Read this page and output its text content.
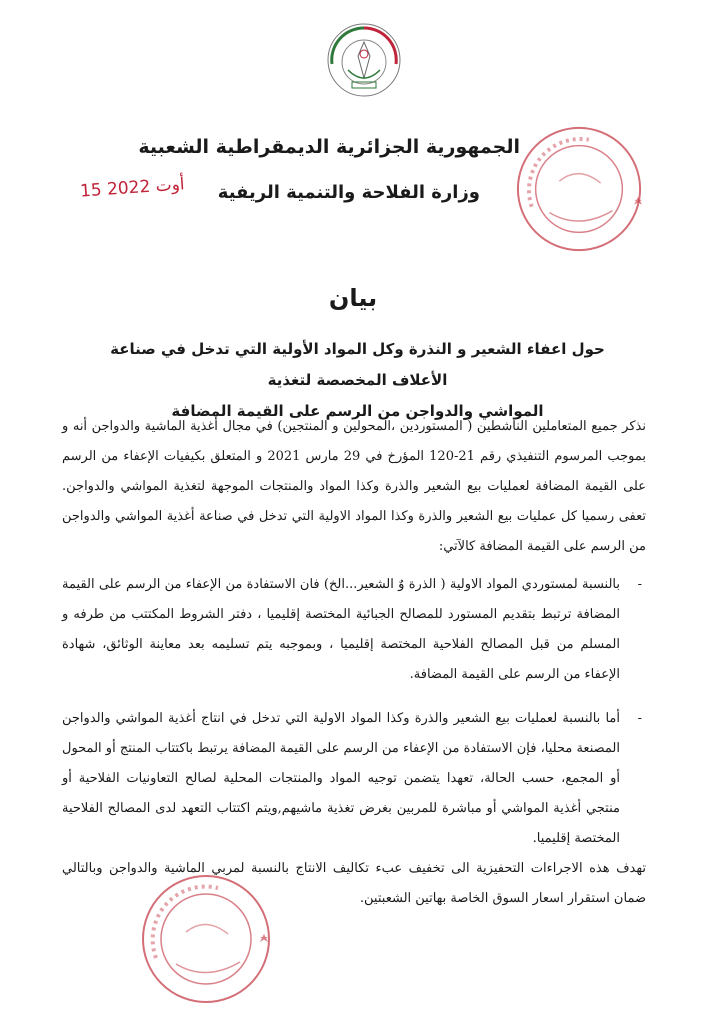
الجمهورية الجزائرية الديمقراطية الشعبية
وزارة الفلاحة والتنمية الريفية
15 أوت 2022
بيان
حول اعفاء الشعير و النذرة وكل المواد الأولية التي تدخل في صناعة الأعلاف المخصصة لتغذية
المواشي والدواجن من الرسم على القيمة المضافة
نذكر جميع المتعاملين الناشطين ( المستوردين ،المحولين و المنتجين) في مجال أغذية الماشية والدواجن أنه و بموجب المرسوم التنفيذي رقم 21-120 المؤرخ في 29 مارس 2021 و المتعلق بكيفيات الإعفاء من الرسم على القيمة المضافة لعمليات بيع الشعير والذرة وكذا المواد والمنتجات الموجهة لتغذية المواشي والدواجن. تعفى رسميا كل عمليات بيع الشعير والذرة وكذا المواد الاولية التي تدخل في صناعة أغذية المواشي والدواجن من الرسم على القيمة المضافة كالآتي:
-
بالنسبة لمستوردي المواد الاولية ( الذرة وٌ الشعير...الخ) فان الاستفادة من الإعفاء من الرسم على القيمة المضافة ترتبط بتقديم المستورد للمصالح الجبائية المختصة إقليميا ، دفتر الشروط المكتتب من طرفه و المسلم من قبل المصالح الفلاحية المختصة إقليميا ، وبموجبه يتم تسليمه بعد معاينة الوثائق، شهادة الإعفاء من الرسم على القيمة المضافة.
-
أما بالنسبة لعمليات بيع الشعير والذرة وكذا المواد الاولية التي تدخل في انتاج أغذية المواشي والدواجن المصنعة محليا، فإن الاستفادة من الإعفاء من الرسم على القيمة المضافة يرتبط باكتتاب المنتج أو المحول أو المجمع، حسب الحالة، تعهدا يتضمن توجيه المواد والمنتجات المحلية لصالح التعاونيات الفلاحية أو منتجي أغذية المواشي أو مباشرة للمربين بغرض تغذية ماشيهم,ويتم اكتتاب التعهد لدى المصالح الفلاحية المختصة إقليميا.
تهدف هذه الاجراءات التحفيزية الى تخفيف عبء تكاليف الانتاج بالنسبة لمربي الماشية والدواجن وبالتالي ضمان استقرار اسعار السوق الخاصة بهاتين الشعبتين.
